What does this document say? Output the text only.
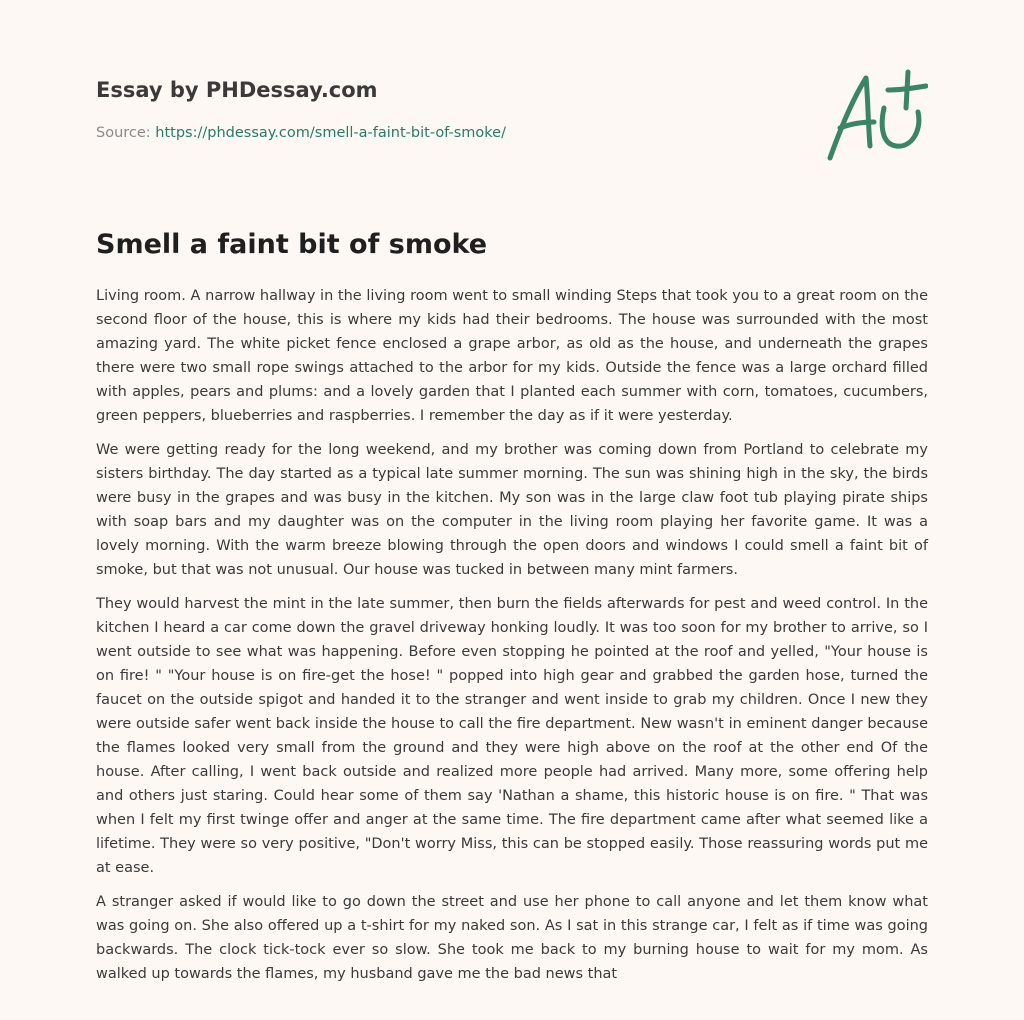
Essay by PHDessay.com
Source: https://phdessay.com/smell-a-faint-bit-of-smoke/
Smell a faint bit of smoke

Living room. A narrow hallway in the living room went to small winding Steps that took you to a great room on the second floor of the house, this is where my kids had their bedrooms. The house was surrounded with the most amazing yard. The white picket fence enclosed a grape arbor, as old as the house, and underneath the grapes there were two small rope swings attached to the arbor for my kids. Outside the fence was a large orchard filled with apples, pears and plums: and a lovely garden that I planted each summer with corn, tomatoes, cucumbers, green peppers, blueberries and raspberries. I remember the day as if it were yesterday.

We were getting ready for the long weekend, and my brother was coming down from Portland to celebrate my sisters birthday. The day started as a typical late summer morning. The sun was shining high in the sky, the birds were busy in the grapes and was busy in the kitchen. My son was in the large claw foot tub playing pirate ships with soap bars and my daughter was on the computer in the living room playing her favorite game. It was a lovely morning. With the warm breeze blowing through the open doors and windows I could smell a faint bit of smoke, but that was not unusual. Our house was tucked in between many mint farmers.

They would harvest the mint in the late summer, then burn the fields afterwards for pest and weed control. In the kitchen I heard a car come down the gravel driveway honking loudly. It was too soon for my brother to arrive, so I went outside to see what was happening. Before even stopping he pointed at the roof and yelled, "Your house is on fire! " "Your house is on fire-get the hose! " popped into high gear and grabbed the garden hose, turned the faucet on the outside spigot and handed it to the stranger and went inside to grab my children. Once I new they were outside safer went back inside the house to call the fire department. New wasn't in eminent danger because the flames looked very small from the ground and they were high above on the roof at the other end Of the house. After calling, I went back outside and realized more people had arrived. Many more, some offering help and others just staring. Could hear some of them say 'Nathan a shame, this historic house is on fire. " That was when I felt my first twinge offer and anger at the same time. The fire department came after what seemed like a lifetime. They were so very positive, "Don't worry Miss, this can be stopped easily. Those reassuring words put me at ease.

A stranger asked if would like to go down the street and use her phone to call anyone and let them know what was going on. She also offered up a t-shirt for my naked son. As I sat in this strange car, I felt as if time was going backwards. The clock tick-tock ever so slow. She took me back to my burning house to wait for my mom. As walked up towards the flames, my husband gave me the bad news that
